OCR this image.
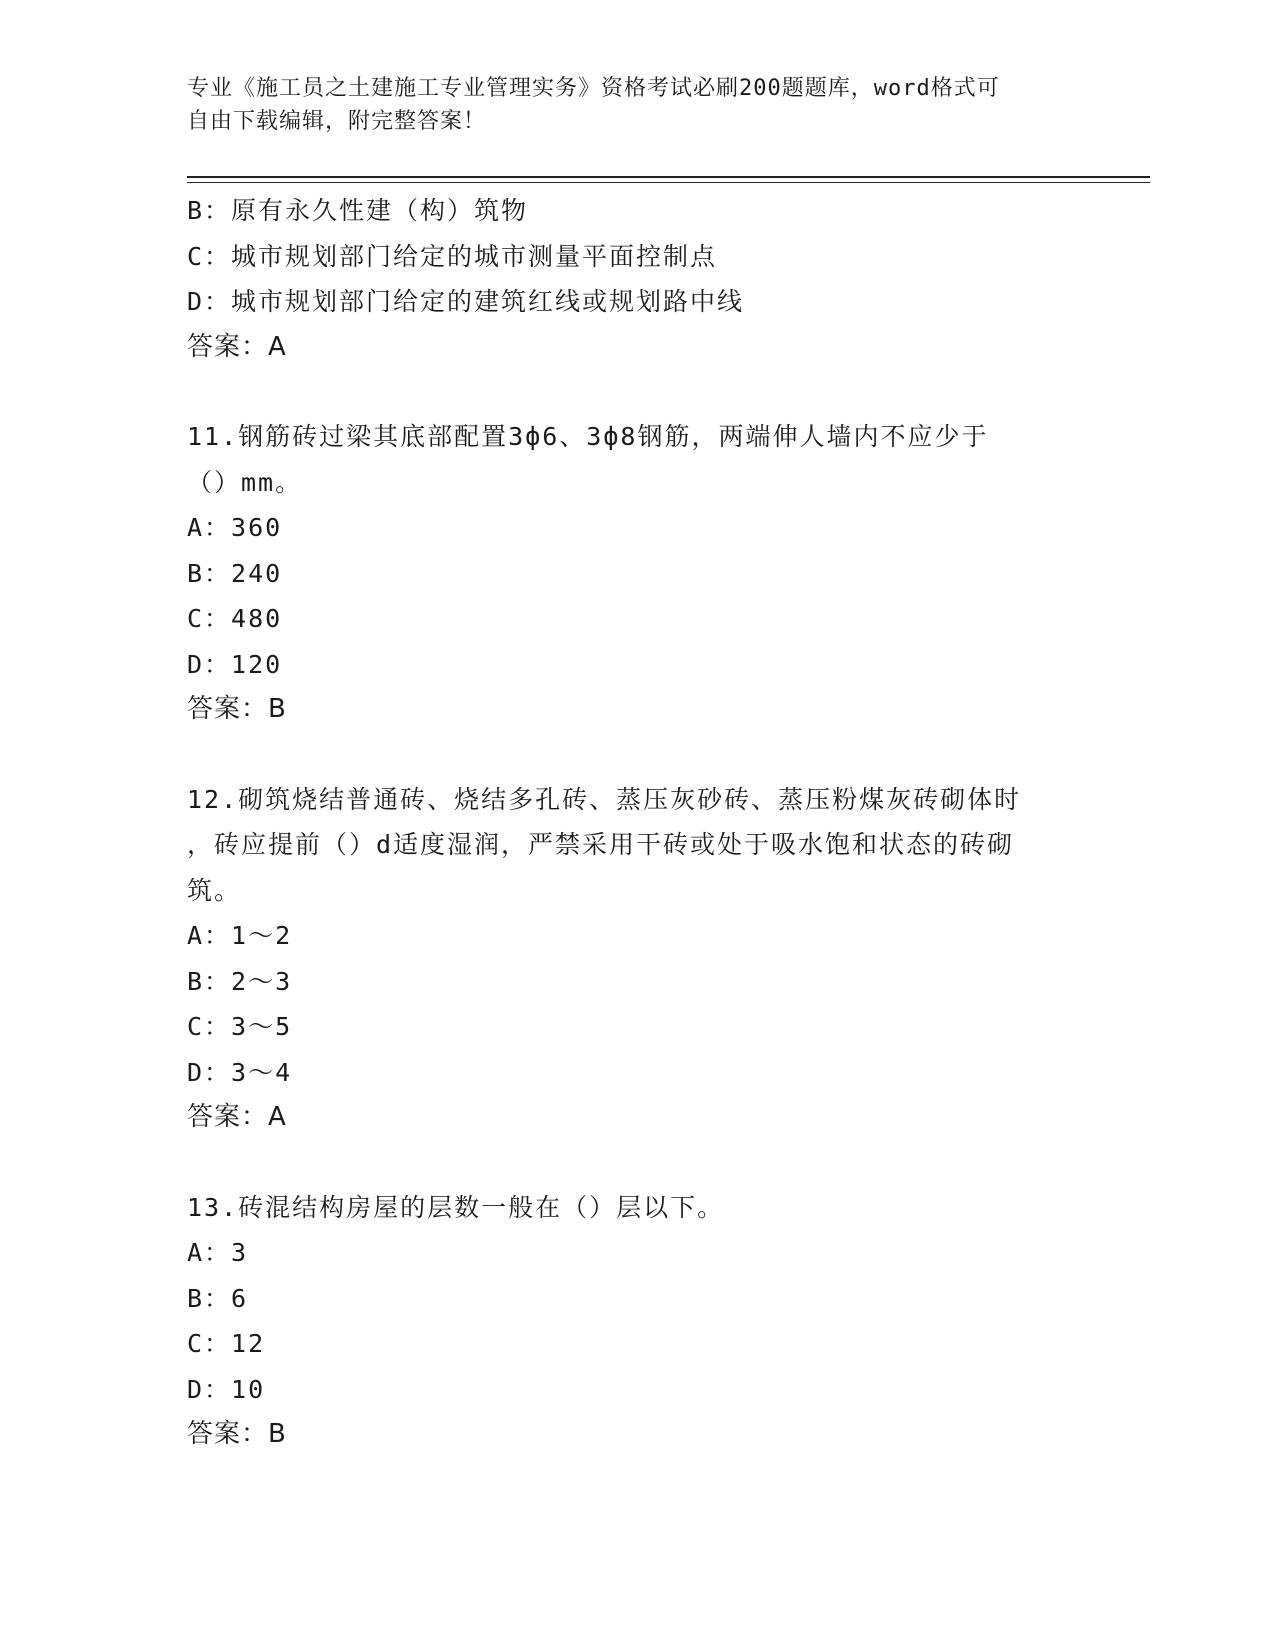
专业《施工员之土建施工专业管理实务》资格考试必刷200题题库，word格式可
自由下载编辑，附完整答案！
B：原有永久性建（构）筑物
C：城市规划部门给定的城市测量平面控制点
D：城市规划部门给定的建筑红线或规划路中线
答案：A
11.钢筋砖过梁其底部配置3ф6、3ф8钢筋，两端伸人墙内不应少于
（）mm。
A：360
B：240
C：480
D：120
答案：B
12.砌筑烧结普通砖、烧结多孔砖、蒸压灰砂砖、蒸压粉煤灰砖砌体时
，砖应提前（）d适度湿润，严禁采用干砖或处于吸水饱和状态的砖砌
筑。
A：1～2
B：2～3
C：3～5
D：3～4
答案：A
13.砖混结构房屋的层数一般在（）层以下。
A：3
B：6
C：12
D：10
答案：B
